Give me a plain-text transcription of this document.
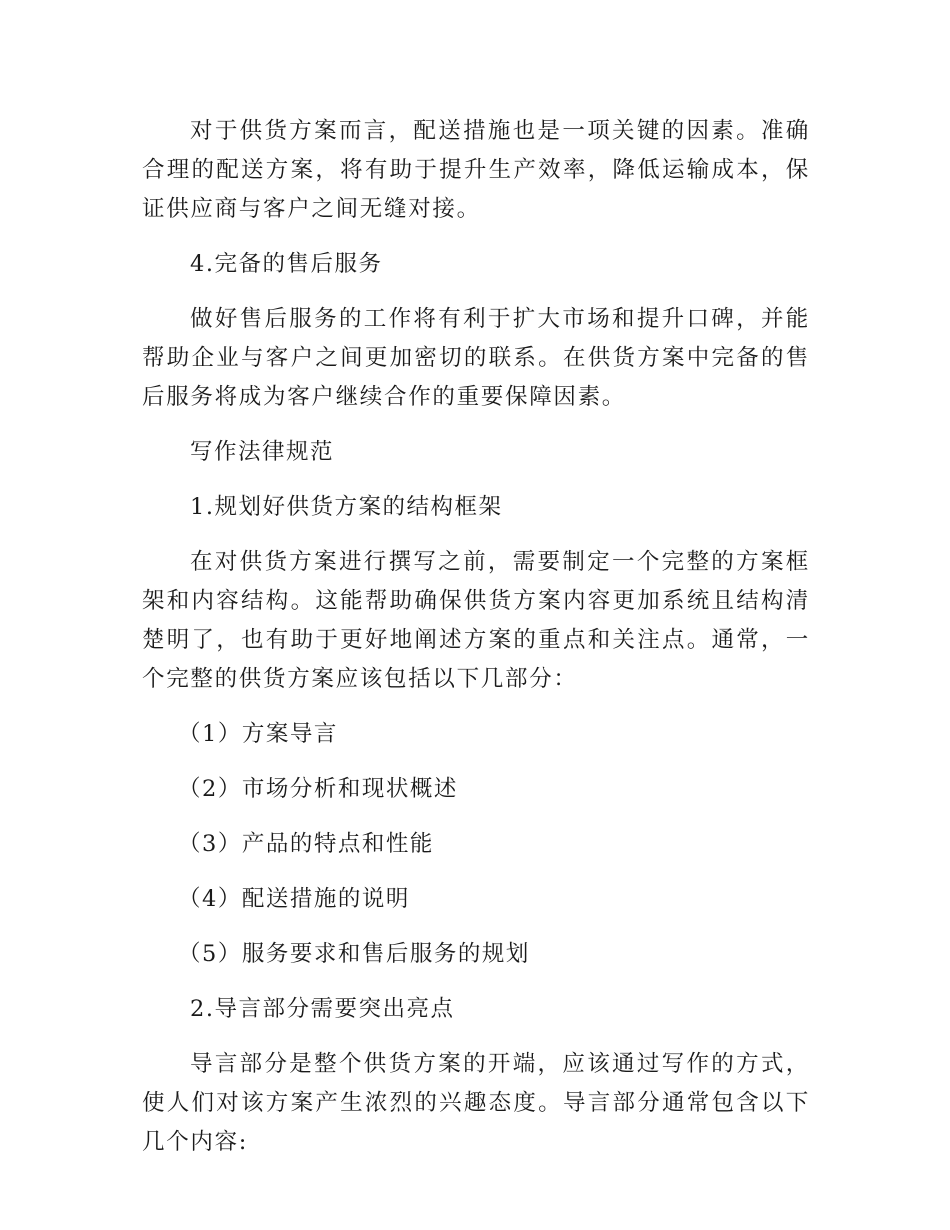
对于供货方案而言，配送措施也是一项关键的因素。准确合理的配送方案，将有助于提升生产效率，降低运输成本，保证供应商与客户之间无缝对接。

4.完备的售后服务

做好售后服务的工作将有利于扩大市场和提升口碑，并能帮助企业与客户之间更加密切的联系。在供货方案中完备的售后服务将成为客户继续合作的重要保障因素。

写作法律规范

1.规划好供货方案的结构框架

在对供货方案进行撰写之前，需要制定一个完整的方案框架和内容结构。这能帮助确保供货方案内容更加系统且结构清楚明了，也有助于更好地阐述方案的重点和关注点。通常，一个完整的供货方案应该包括以下几部分：

（1）方案导言

（2）市场分析和现状概述

（3）产品的特点和性能

（4）配送措施的说明

（5）服务要求和售后服务的规划

2.导言部分需要突出亮点

导言部分是整个供货方案的开端，应该通过写作的方式，使人们对该方案产生浓烈的兴趣态度。导言部分通常包含以下几个内容:
